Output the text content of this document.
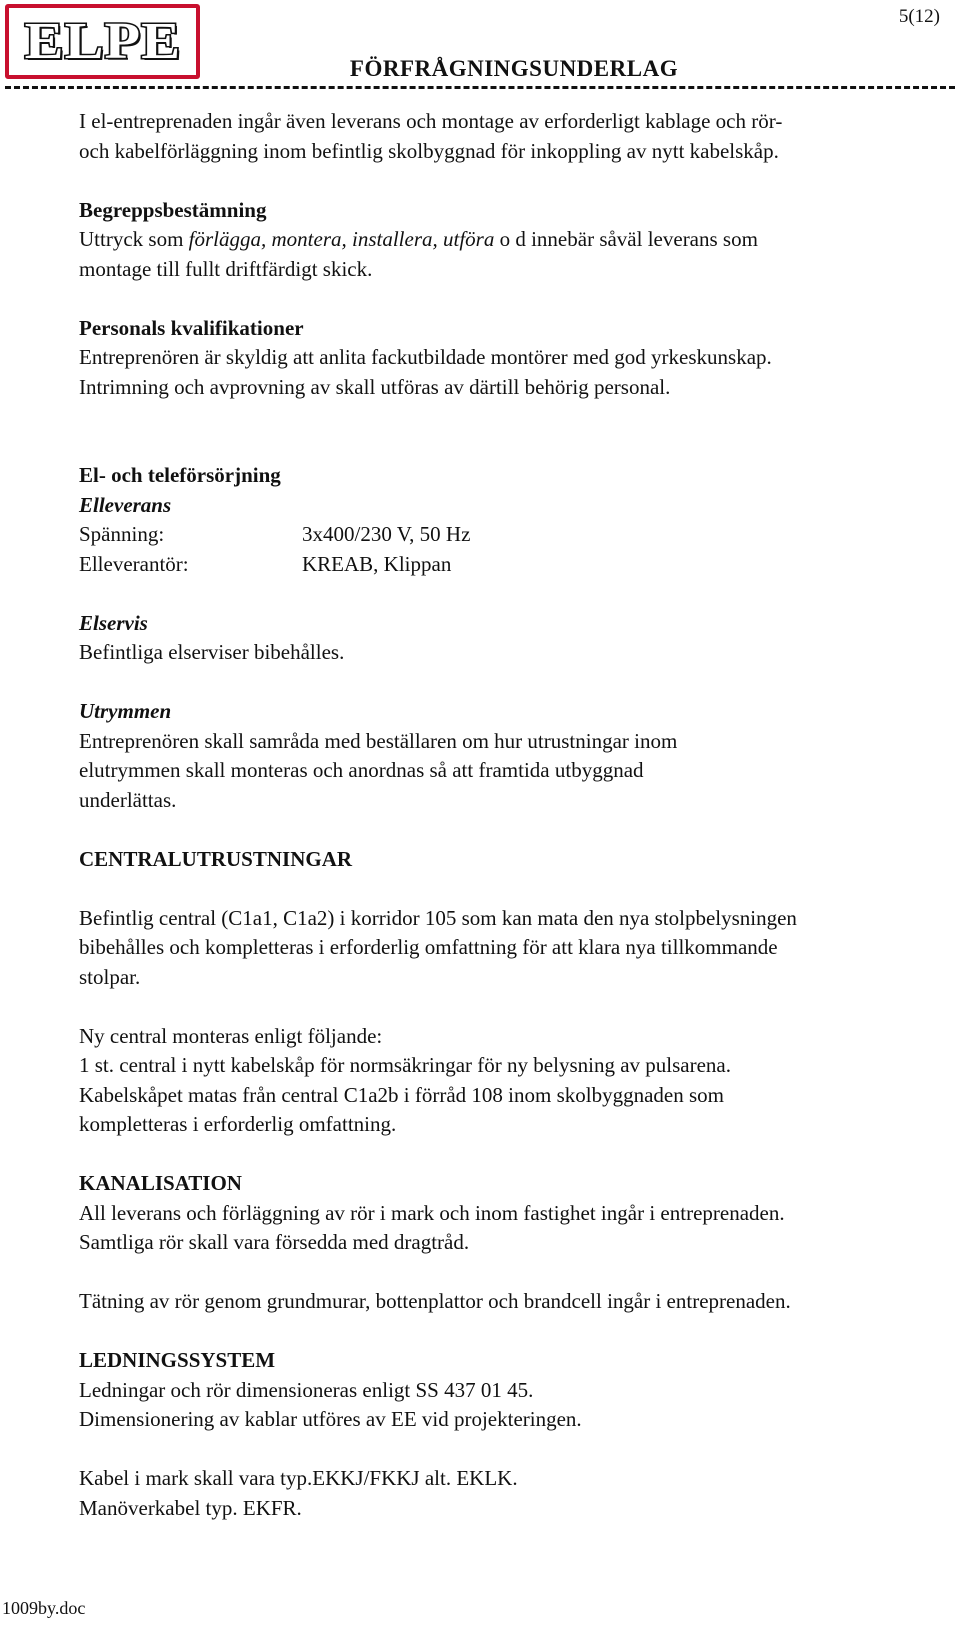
ELPE	5(12)
FÖRFRÅGNINGSUNDERLAG

I el-entreprenaden ingår även leverans och montage av erforderligt kablage och rör-

och kabelförläggning inom befintlig skolbyggnad för inkoppling av nytt kabelskåp.

Begreppsbestämning

Uttryck som förlägga, montera, installera, utföra o d innebär såväl leverans som

montage till fullt driftfärdigt skick.

Personals kvalifikationer

Entreprenören är skyldig att anlita fackutbildade montörer med god yrkeskunskap.

Intrimning och avprovning av skall utföras av därtill behörig personal.

El- och teleförsörjning

Elleverans

Spänning:	3x400/230 V, 50 Hz
Elleverantör:	KREAB, Klippan

Elservis

Befintliga elserviser bibehålles.

Utrymmen

Entreprenören skall samråda med beställaren om hur utrustningar inom

elutrymmen skall monteras och anordnas så att framtida utbyggnad

underlättas.

CENTRALUTRUSTNINGAR

Befintlig central (C1a1, C1a2) i korridor 105 som kan mata den nya stolpbelysningen

bibehålles och kompletteras i erforderlig omfattning för att klara nya tillkommande

stolpar.

Ny central monteras enligt följande:

1 st. central i nytt kabelskåp för normsäkringar för ny belysning av pulsarena.

Kabelskåpet matas från central C1a2b i förråd 108 inom skolbyggnaden som

kompletteras i erforderlig omfattning.

KANALISATION

All leverans och förläggning av rör i mark och inom fastighet ingår i entreprenaden.

Samtliga rör skall vara försedda med dragtråd.

Tätning av rör genom grundmurar, bottenplattor och brandcell ingår i entreprenaden.

LEDNINGSSYSTEM

Ledningar och rör dimensioneras enligt SS 437 01 45.

Dimensionering av kablar utföres av EE vid projekteringen.

Kabel i mark skall vara typ.EKKJ/FKKJ alt. EKLK.

Manöverkabel typ. EKFR.

1009by.doc
